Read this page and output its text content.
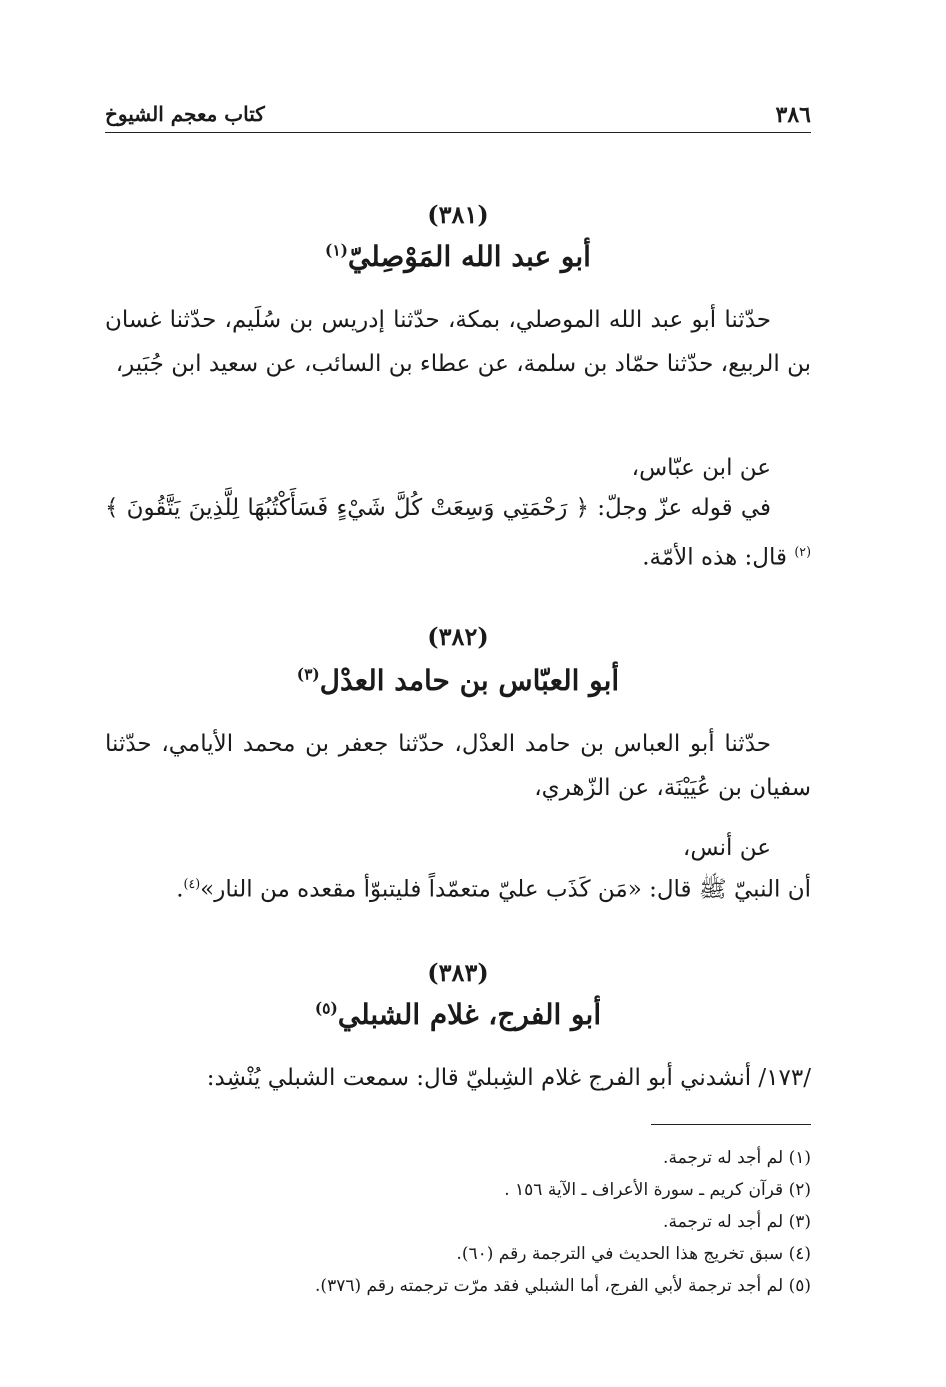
٣٨٦
كتاب معجم الشيوخ
(٣٨١)
أبو عبد الله المَوْصِليّ$^{(١)}$
حدّثنا أبو عبد الله الموصلي، بمكة، حدّثنا إدريس بن سُلَيم، حدّثنا غسان بن الربيع، حدّثنا حمّاد بن سلمة، عن عطاء بن السائب، عن سعيد ابن جُبَير،
عن ابن عبّاس،
في قوله عزّ وجلّ: ﴿ رَحْمَتِي وَسِعَتْ كُلَّ شَيْءٍ فَسَأَكْتُبُهَا لِلَّذِينَ يَتَّقُونَ ﴾$^{(٢)}$ قال: هذه الأمّة.
(٣٨٢)
أبو العبّاس بن حامد العدْل$^{(٣)}$
حدّثنا أبو العباس بن حامد العدْل، حدّثنا جعفر بن محمد الأيامي، حدّثنا سفيان بن عُيَيْنَة، عن الزّهري،
عن أنس،
أن النبيّ ﷺ قال: «مَن كَذَب عليّ متعمّداً فليتبوّأ مقعده من النار»$^{(٤)}$.
(٣٨٣)
أبو الفرج، غلام الشبلي$^{(٥)}$
/١٧٣/ أنشدني أبو الفرج غلام الشِبليّ قال: سمعت الشبلي يُنْشِد:
(١) لم أجد له ترجمة.
(٢) قرآن كريم ـ سورة الأعراف ـ الآية ١٥٦ .
(٣) لم أجد له ترجمة.
(٤) سبق تخريج هذا الحديث في الترجمة رقم (٦٠).
(٥) لم أجد ترجمة لأبي الفرج، أما الشبلي فقد مرّت ترجمته رقم (٣٧٦).
